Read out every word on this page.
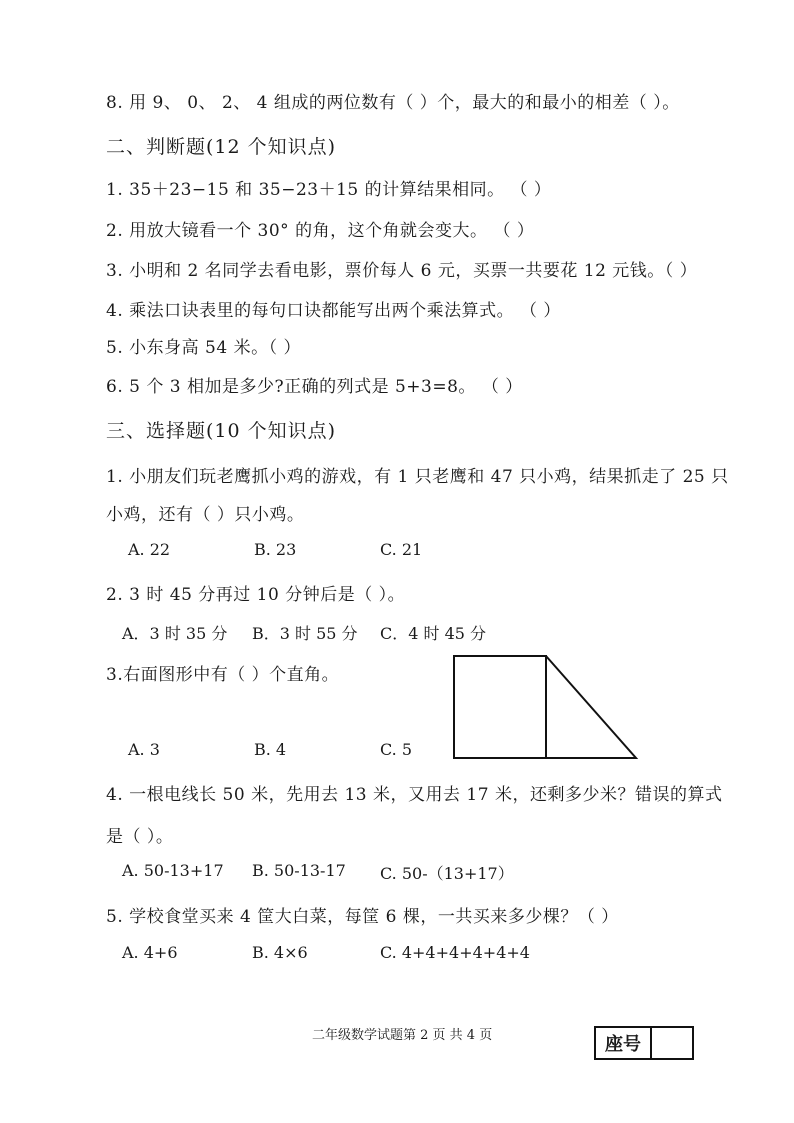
8. 用 9、 0、 2、 4 组成的两位数有（ ）个，最大的和最小的相差（ ）。
二、判断题(12 个知识点)
1. 35＋23−15 和 35−23＋15 的计算结果相同。 （ ）
2. 用放大镜看一个 30° 的角，这个角就会变大。 （ ）
3. 小明和 2 名同学去看电影，票价每人 6 元，买票一共要花 12 元钱。（ ）
4. 乘法口诀表里的每句口诀都能写出两个乘法算式。 （ ）
5. 小东身高 54 米。（ ）
6. 5 个 3 相加是多少?正确的列式是 5+3=8。 （ ）
三、选择题(10 个知识点)
1. 小朋友们玩老鹰抓小鸡的游戏，有 1 只老鹰和 47 只小鸡，结果抓走了 25 只
小鸡，还有（ ）只小鸡。
A. 22	B. 23	C. 21
2. 3 时 45 分再过 10 分钟后是（ ）。
A．3 时 35 分 B．3 时 55 分 C．4 时 45 分
3.右面图形中有（ ）个直角。
A. 3	B. 4	C. 5
4. 一根电线长 50 米，先用去 13 米，又用去 17 米，还剩多少米？错误的算式
是（ ）。
A. 50-13+17 B. 50-13-17 C. 50-（13+17）
5. 学校食堂买来 4 筐大白菜，每筐 6 棵，一共买来多少棵？（ ）
A. 4+6	B. 4×6	C. 4+4+4+4+4+4
二年级数学试题第 2 页 共 4 页	座号
